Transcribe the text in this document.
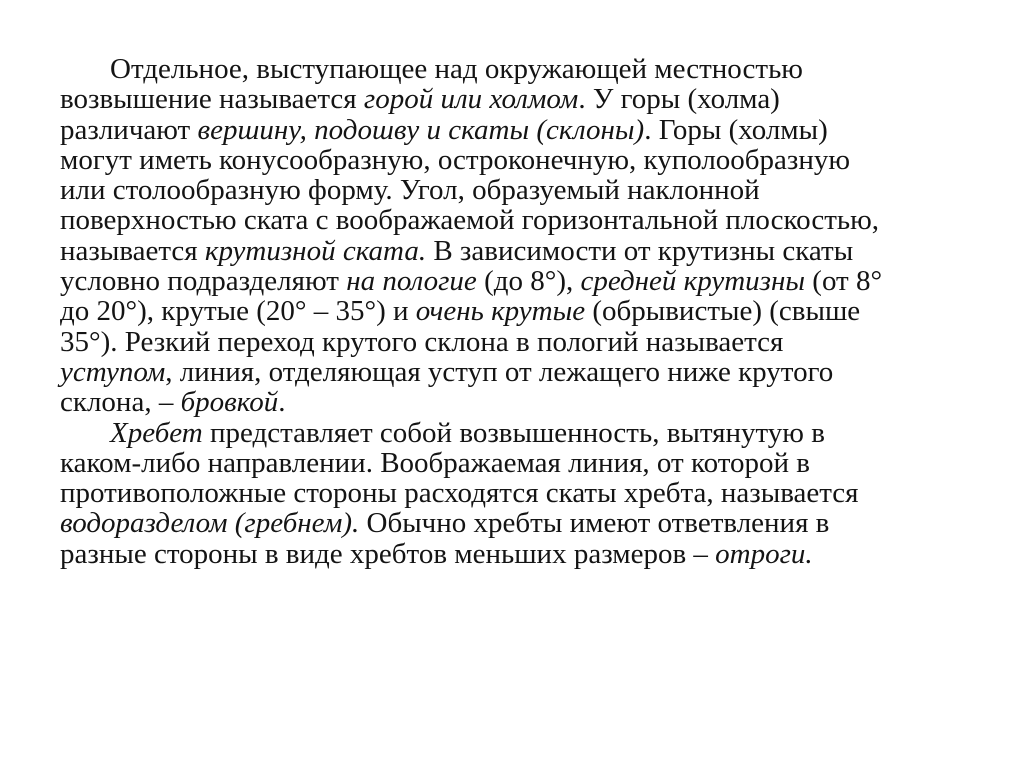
Отдельное, выступающее над окружающей местностью
возвышение называется горой или холмом. У горы (холма)
различают вершину, подошву и скаты (склоны). Горы (холмы)
могут иметь конусообразную, остроконечную, куполообразную
или столообразную форму. Угол, образуемый наклонной
поверхностью ската с воображаемой горизонтальной плоскостью,
называется крутизной ската. В зависимости от крутизны скаты
условно подразделяют на пологие (до 8°), средней крутизны (от 8°
до 20°), крутые (20° – 35°) и очень крутые (обрывистые) (свыше
35°). Резкий переход крутого склона в пологий называется
уступом, линия, отделяющая уступ от лежащего ниже крутого
склона, – бровкой.
Хребет представляет собой возвышенность, вытянутую в
каком-либо направлении. Воображаемая линия, от которой в
противоположные стороны расходятся скаты хребта, называется
водоразделом (гребнем). Обычно хребты имеют ответвления в
разные стороны в виде хребтов меньших размеров – отроги.
